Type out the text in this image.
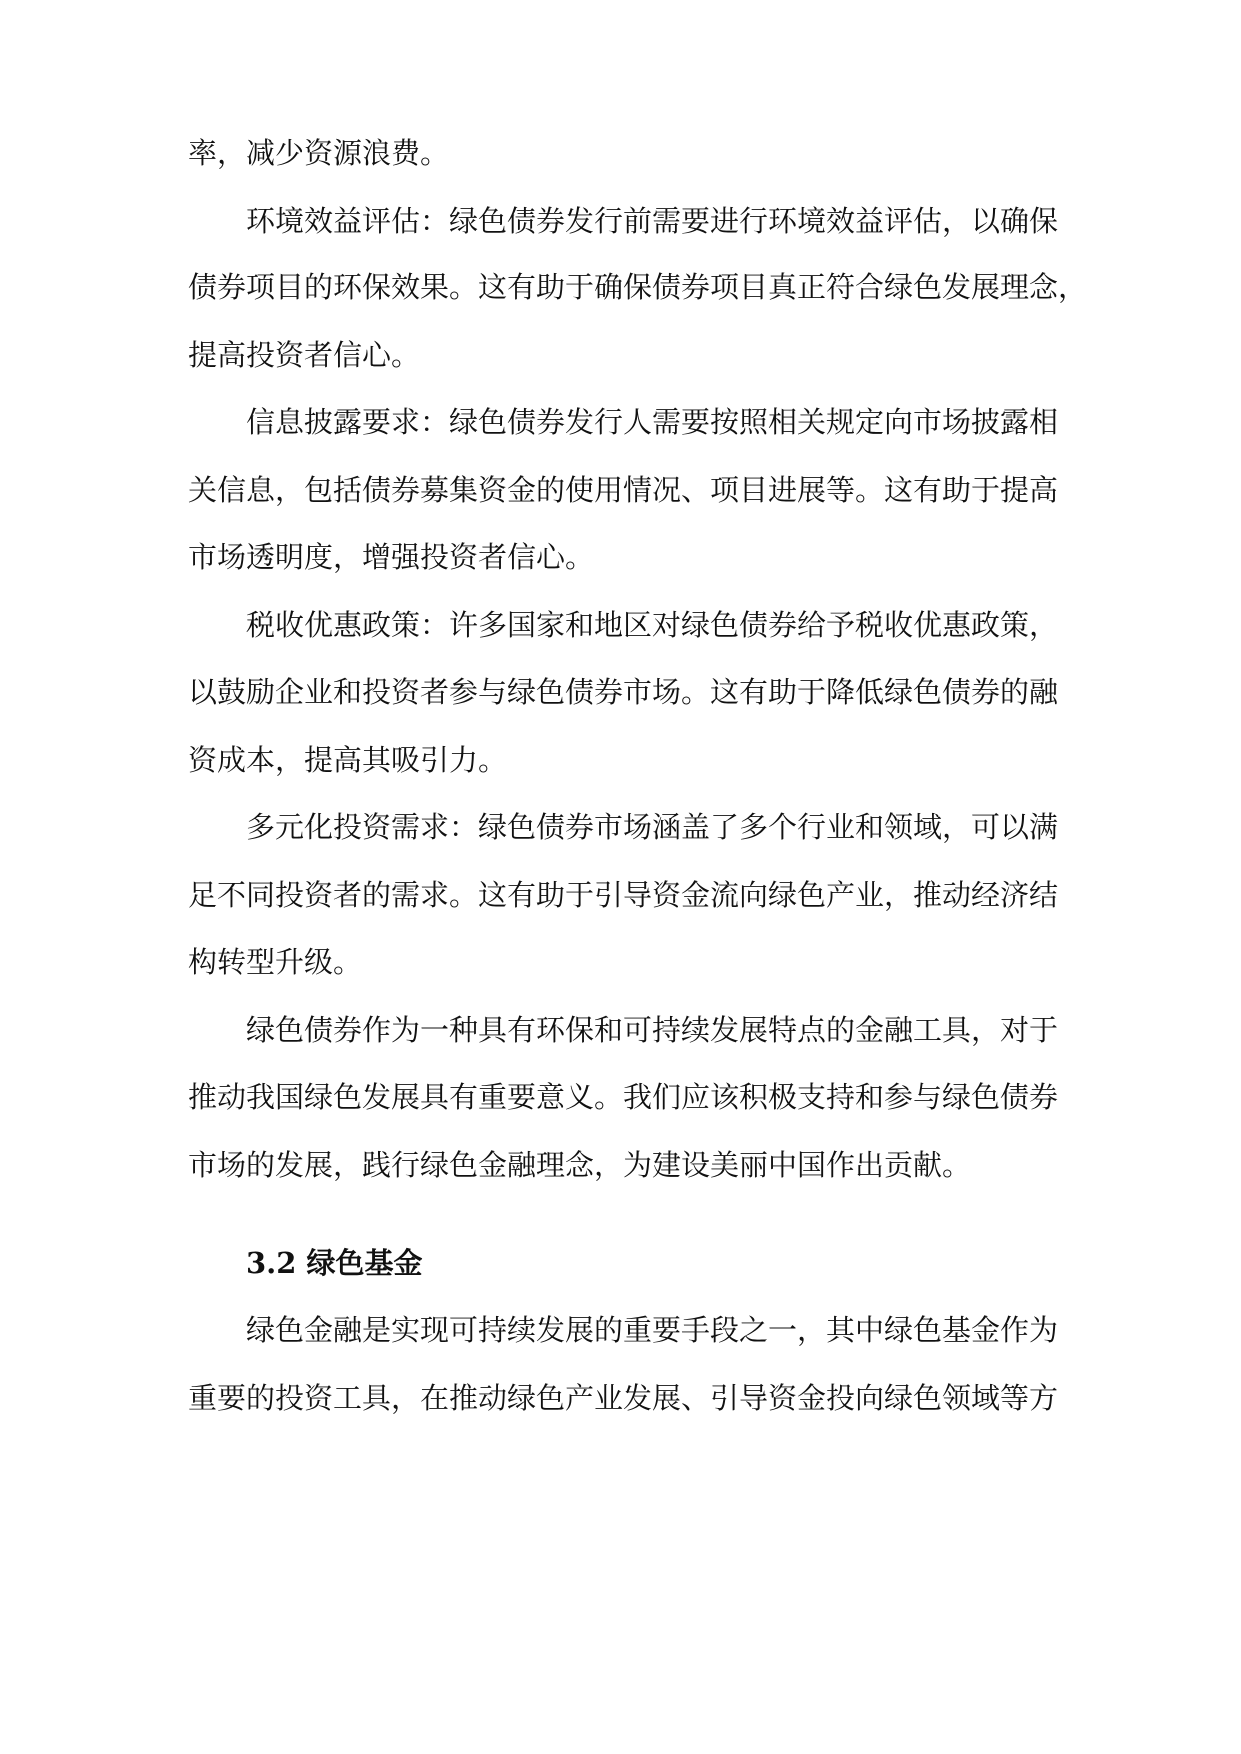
率，减少资源浪费。
环境效益评估：绿色债券发行前需要进行环境效益评估，以确保
债券项目的环保效果。这有助于确保债券项目真正符合绿色发展理念，
提高投资者信心。
信息披露要求：绿色债券发行人需要按照相关规定向市场披露相
关信息，包括债券募集资金的使用情况、项目进展等。这有助于提高
市场透明度，增强投资者信心。
税收优惠政策：许多国家和地区对绿色债券给予税收优惠政策，
以鼓励企业和投资者参与绿色债券市场。这有助于降低绿色债券的融
资成本，提高其吸引力。
多元化投资需求：绿色债券市场涵盖了多个行业和领域，可以满
足不同投资者的需求。这有助于引导资金流向绿色产业，推动经济结
构转型升级。
绿色债券作为一种具有环保和可持续发展特点的金融工具，对于
推动我国绿色发展具有重要意义。我们应该积极支持和参与绿色债券
市场的发展，践行绿色金融理念，为建设美丽中国作出贡献。
3.2 绿色基金
绿色金融是实现可持续发展的重要手段之一，其中绿色基金作为
重要的投资工具，在推动绿色产业发展、引导资金投向绿色领域等方
